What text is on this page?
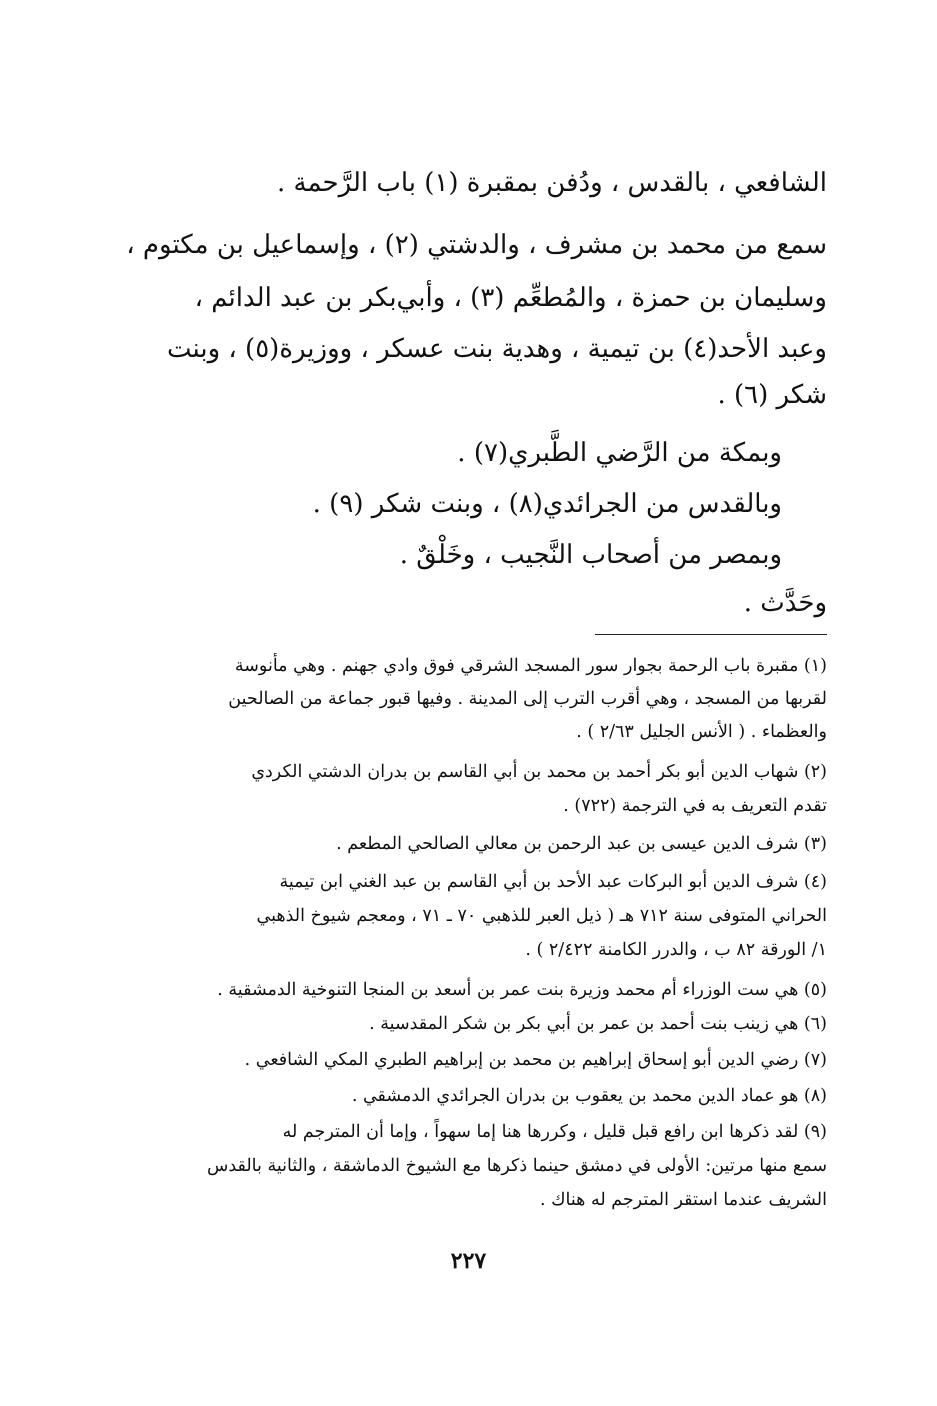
الشافعي ، بالقدس ، ودُفن بمقبرة (١) باب الرَّحمة .
سمع من محمد بن مشرف ، والدشتي (٢) ، وإسماعيل بن مكتوم ،
وسليمان بن حمزة ، والمُطعِّم (٣) ، وأبي‌بكر بن عبد الدائم ،
وعبد الأحد(٤) بن تيمية ، وهدية بنت عسكر ، ووزيرة(٥) ، وبنت
شكر (٦) .
وبمكة من الرَّضي الطَّبري(٧) .
وبالقدس من الجرائدي(٨) ، وبنت شكر (٩) .
وبمصر من أصحاب النَّجيب ، وخَلْقٌ .
وحَدَّث .
(١) مقبرة باب الرحمة بجوار سور المسجد الشرقي فوق وادي جهنم . وهي مأنوسة
لقربها من المسجد ، وهي أقرب الترب إلى المدينة . وفيها قبور جماعة من الصالحين
والعظماء . ( الأنس الجليل ٢/٦٣ ) .
(٢) شهاب الدين أبو بكر أحمد بن محمد بن أبي القاسم بن بدران الدشتي الكردي
تقدم التعريف به في الترجمة (٧٢٢) .
(٣) شرف الدين عيسى بن عبد الرحمن بن معالي الصالحي المطعم .
(٤) شرف الدين أبو البركات عبد الأحد بن أبي القاسم بن عبد الغني ابن تيمية
الحراني المتوفى سنة ٧١٢ هـ ( ذيل العبر للذهبي ٧٠ ـ ٧١ ، ومعجم شيوخ الذهبي
١/ الورقة ٨٢ ب ، والدرر الكامنة ٢/٤٢٢ ) .
(٥) هي ست الوزراء أم محمد وزيرة بنت عمر بن أسعد بن المنجا التنوخية الدمشقية .
(٦) هي زينب بنت أحمد بن عمر بن أبي بكر بن شكر المقدسية .
(٧) رضي الدين أبو إسحاق إبراهيم بن محمد بن إبراهيم الطبري المكي الشافعي .
(٨) هو عماد الدين محمد بن يعقوب بن بدران الجرائدي الدمشقي .
(٩) لقد ذكرها ابن رافع قبل قليل ، وكررها هنا إما سهواً ، وإما أن المترجم له
سمع منها مرتين: الأولى في دمشق حينما ذكرها مع الشيوخ الدماشقة ، والثانية بالقدس
الشريف عندما استقر المترجم له هناك .
٢٢٧
